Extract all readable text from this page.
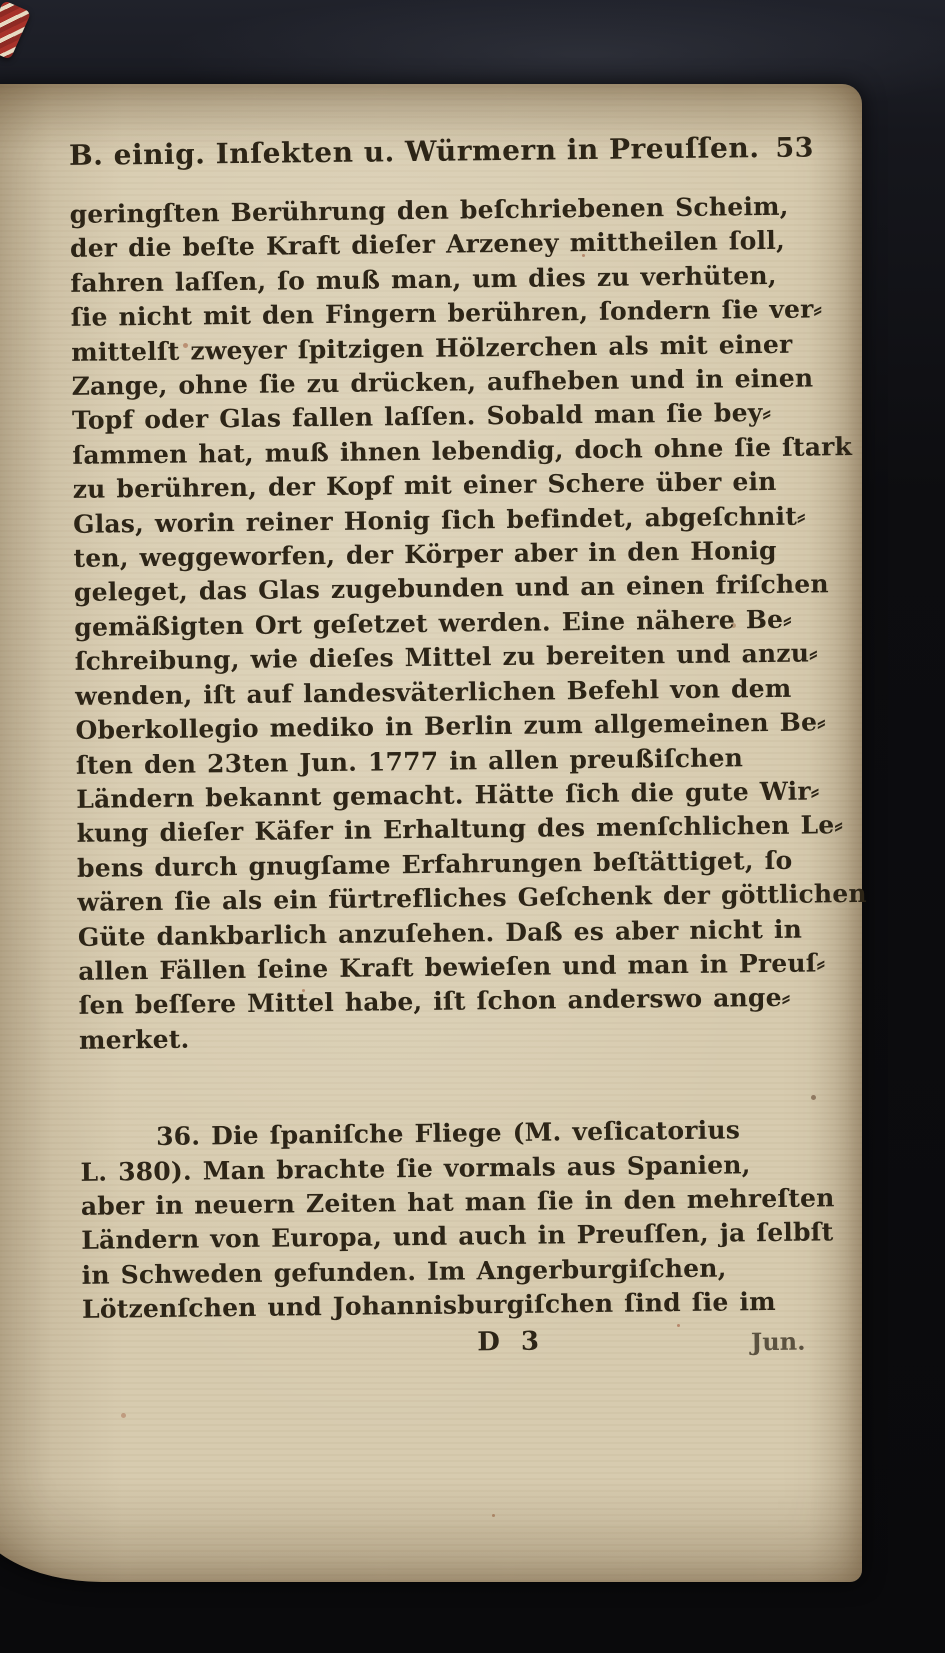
B. einig. Inſekten u. Würmern in Preuſſen. 53
geringſten Berührung den beſchriebenen Scheim,
der die beſte Kraft dieſer Arzeney mittheilen ſoll,
fahren laſſen, ſo muß man, um dies zu verhüten,
ſie nicht mit den Fingern berühren, ſondern ſie ver⸗
mittelſt zweyer ſpitzigen Hölzerchen als mit einer
Zange, ohne ſie zu drücken, aufheben und in einen
Topf oder Glas fallen laſſen. Sobald man ſie bey⸗
ſammen hat, muß ihnen lebendig, doch ohne ſie ſtark
zu berühren, der Kopf mit einer Schere über ein
Glas, worin reiner Honig ſich befindet, abgeſchnit⸗
ten, weggeworfen, der Körper aber in den Honig
geleget, das Glas zugebunden und an einen friſchen
gemäßigten Ort geſetzet werden. Eine nähere Be⸗
ſchreibung, wie dieſes Mittel zu bereiten und anzu⸗
wenden, iſt auf landesväterlichen Befehl von dem
Oberkollegio mediko in Berlin zum allgemeinen Be⸗
ſten den 23ten Jun. 1777 in allen preußiſchen
Ländern bekannt gemacht. Hätte ſich die gute Wir⸗
kung dieſer Käfer in Erhaltung des menſchlichen Le⸗
bens durch gnugſame Erfahrungen beſtättiget, ſo
wären ſie als ein fürtrefliches Geſchenk der göttlichen
Güte dankbarlich anzuſehen. Daß es aber nicht in
allen Fällen ſeine Kraft bewieſen und man in Preuſ⸗
ſen beſſere Mittel habe, iſt ſchon anderswo ange⸗
merket.
36. Die ſpaniſche Fliege (M. veſicatorius
L. 380). Man brachte ſie vormals aus Spanien,
aber in neuern Zeiten hat man ſie in den mehreſten
Ländern von Europa, und auch in Preuſſen, ja ſelbſt
in Schweden gefunden. Im Angerburgiſchen,
Lötzenſchen und Johannisburgiſchen ſind ſie im
D 3	Jun.
